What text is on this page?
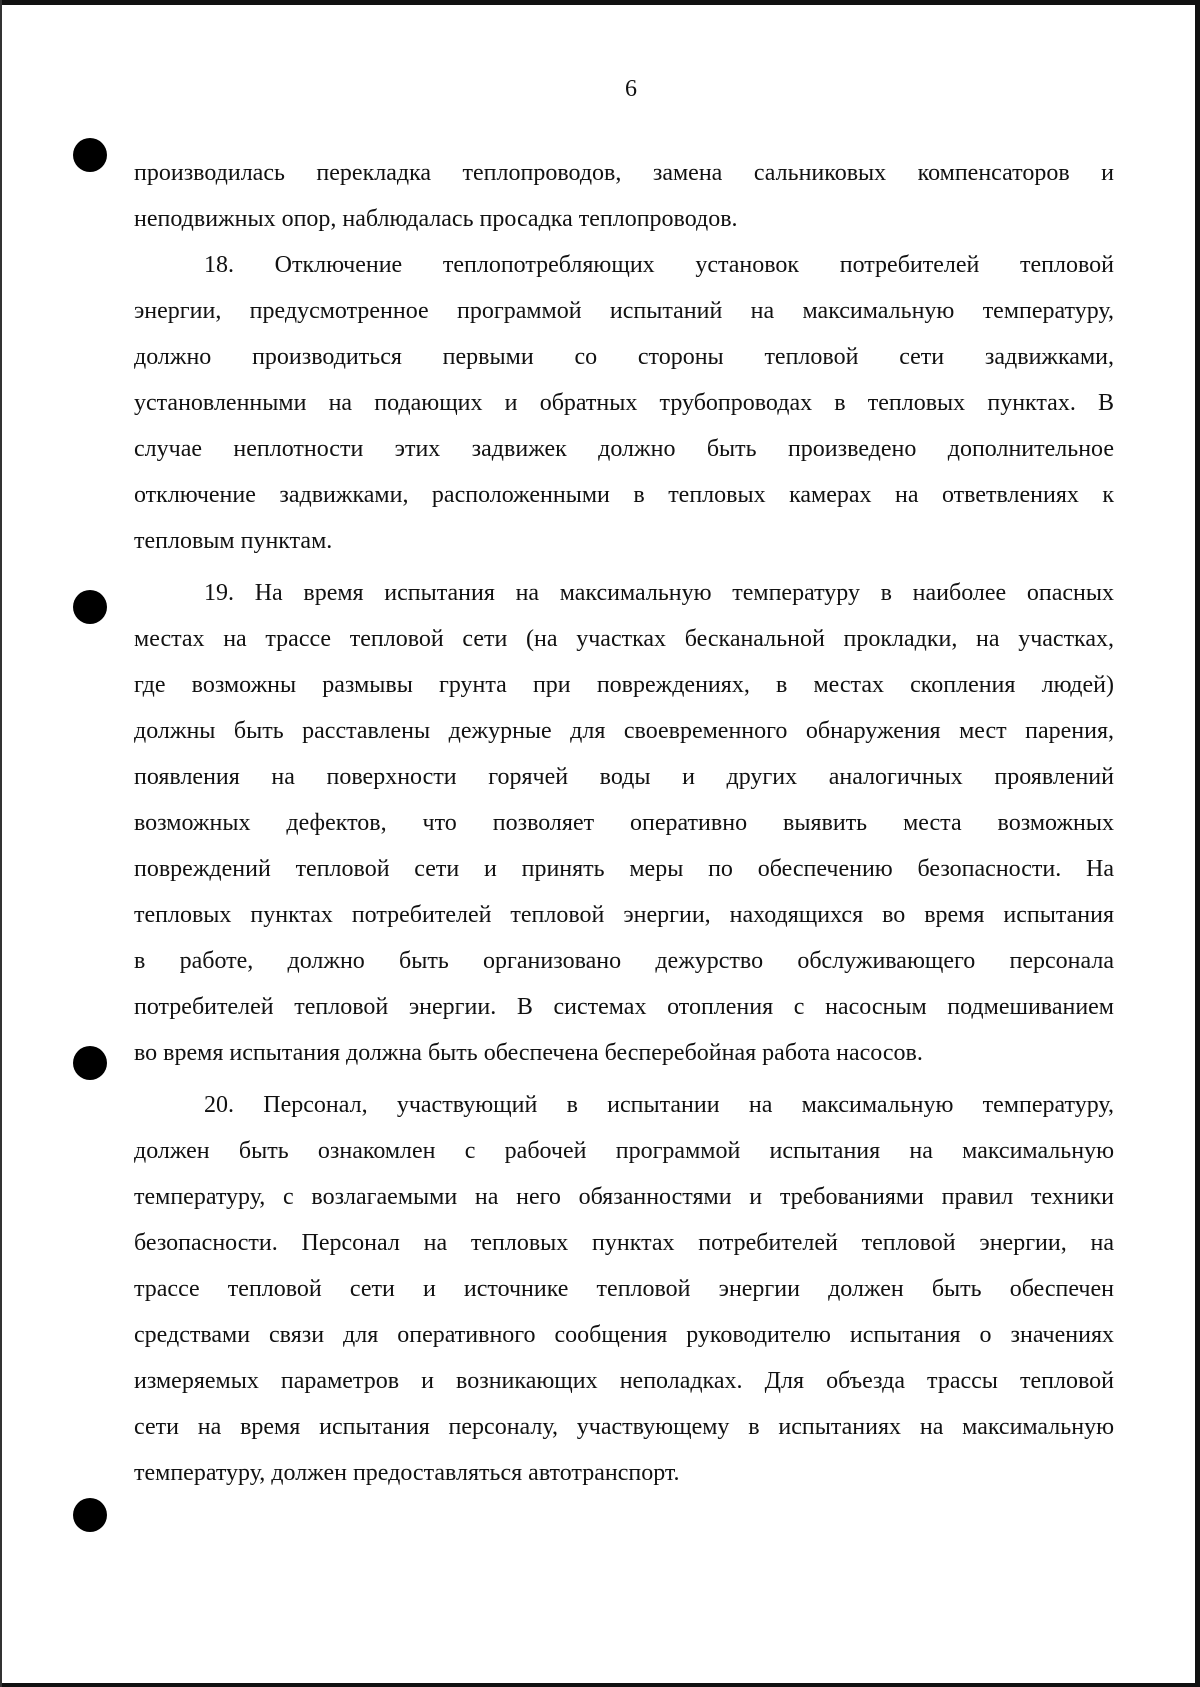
6
производилась перекладка теплопроводов, замена сальниковых компенсаторов и
неподвижных опор, наблюдалась просадка теплопроводов.
18. Отключение теплопотребляющих установок потребителей тепловой
энергии, предусмотренное программой испытаний на максимальную температуру,
должно производиться первыми со стороны тепловой сети задвижками,
установленными на подающих и обратных трубопроводах в тепловых пунктах. В
случае неплотности этих задвижек должно быть произведено дополнительное
отключение задвижками, расположенными в тепловых камерах на ответвлениях к
тепловым пунктам.
19. На время испытания на максимальную температуру в наиболее опасных
местах на трассе тепловой сети (на участках бесканальной прокладки, на участках,
где возможны размывы грунта при повреждениях, в местах скопления людей)
должны быть расставлены дежурные для своевременного обнаружения мест парения,
появления на поверхности горячей воды и других аналогичных проявлений
возможных дефектов, что позволяет оперативно выявить места возможных
повреждений тепловой сети и принять меры по обеспечению безопасности. На
тепловых пунктах потребителей тепловой энергии, находящихся во время испытания
в работе, должно быть организовано дежурство обслуживающего персонала
потребителей тепловой энергии. В системах отопления с насосным подмешиванием
во время испытания должна быть обеспечена бесперебойная работа насосов.
20. Персонал, участвующий в испытании на максимальную температуру,
должен быть ознакомлен с рабочей программой испытания на максимальную
температуру, с возлагаемыми на него обязанностями и требованиями правил техники
безопасности. Персонал на тепловых пунктах потребителей тепловой энергии, на
трассе тепловой сети и источнике тепловой энергии должен быть обеспечен
средствами связи для оперативного сообщения руководителю испытания о значениях
измеряемых параметров и возникающих неполадках. Для объезда трассы тепловой
сети на время испытания персоналу, участвующему в испытаниях на максимальную
температуру, должен предоставляться автотранспорт.
